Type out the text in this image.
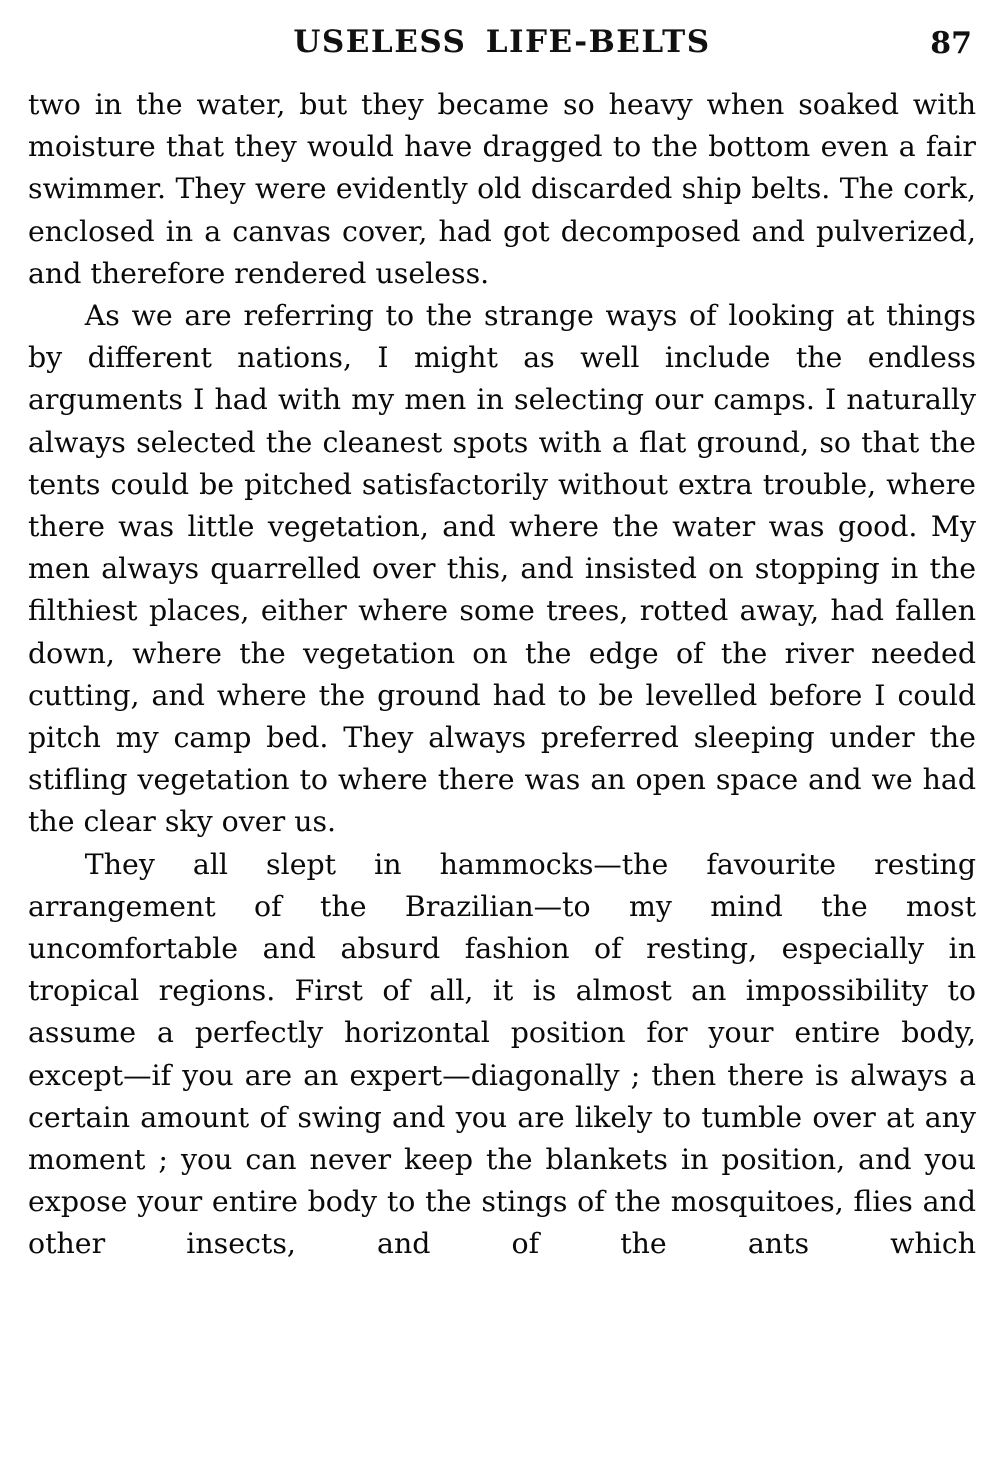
USELESS LIFE-BELTS	87

two in the water, but they became so heavy when soaked with moisture that they would have dragged to the bottom even a fair swimmer. They were evidently old discarded ship belts. The cork, enclosed in a canvas cover, had got decomposed and pulverized, and therefore rendered useless.

As we are referring to the strange ways of looking at things by different nations, I might as well include the endless arguments I had with my men in selecting our camps. I naturally always selected the cleanest spots with a flat ground, so that the tents could be pitched satisfactorily without extra trouble, where there was little vegetation, and where the water was good. My men always quarrelled over this, and insisted on stopping in the filthiest places, either where some trees, rotted away, had fallen down, where the vegetation on the edge of the river needed cutting, and where the ground had to be levelled before I could pitch my camp bed. They always preferred sleeping under the stifling vegetation to where there was an open space and we had the clear sky over us.

They all slept in hammocks—the favourite resting arrangement of the Brazilian—to my mind the most uncomfortable and absurd fashion of resting, especially in tropical regions. First of all, it is almost an impossibility to assume a perfectly horizontal position for your entire body, except—if you are an expert—diagonally ; then there is always a certain amount of swing and you are likely to tumble over at any moment ; you can never keep the blankets in position, and you expose your entire body to the stings of the mosquitoes, flies and other insects, and of the ants which
